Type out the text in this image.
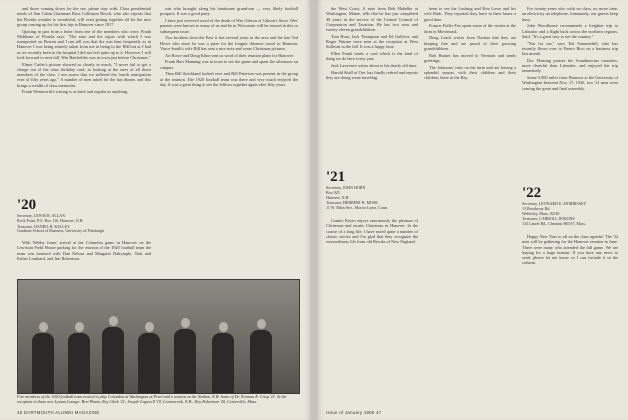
and those coming down for the see, please stay with. Class presidential needs of Sun Cabin Chairman Boss Collinson Bosch, who also reports that the Florida weather is wonderful, will even getting together all for the nice group coming up for his first trip to Hanover since 1917.

Quoting in part from a letter from one of the members who were, Frank Mahlman of Florida says: "The ease and the rigors with which I was transported on Boston and I can tell you that the was bent frequently as in Hanover I was being entirely taken from me in being in the Hill but as I had as we recently been to the hospital I did not feel quite up to it. However I will look forward to next fall. Win Batchelder was in town just before Christmas."

Elmer Cutler's picture showed so clearly in much, "I never fail to get a charge out of the class birthday card, in looking at the rates of all those members of the class. I am aware that we suffered the fourth anticipation over of fifty years ago." A number of men asked for the last dinner, and this brings a wealth of class memories.

Frank Wentworth's writing is as brief and regular as anything.

win who brought along his handsome grand-son — very likely football prospect. It was a good party.

I have just received word of the death of Wes Gibson of Gibson's Store. Wes' parents were known to many of us and he in Wisconsin will be missed in this or subsequent issue.

Two brothers from the East is has several years in the area and the late Ted Howe who since he was a prize for the longest distance travel to Reunion, Vince Smith's wife Bill has sent a nice note and some Christmas pictures.

Art Rowe and Doug Kline sent us word of their reunion plans for Hanover.

Frank Hart Manning was in town to see the game and spent the afternoon on campus.

Then Bill Strickland looked over and Bill Paterson was present in the group at the reunion. The 1920 football team was there and very much enjoyed the day. It was a great thing to see the fellows together again after fifty years.

'20
Secretary, LEWIS R. ALLAN
Rock Point, P.O. Box 116, Hanover, N.H.
Treasurer, DANIEL B. KELLEY
Graduate School of Business, University of Pittsburgh

With Webby Jones' arrival at the Columbia game in Hanover on the Lewiston Field House parking for the reunion of the 1920 football team the team was honored with Dan Nelson and Margaret Dalrymple, Tink and Esther Lombard, and Jim Robertson.

Five members of the 1920 football team invited to play Columbia at Washington at Pearl and a reunion at the Nathan, N.H. home of Dr. Norman R. Crisp '21. At the reception in those new Lyman Lounge: Bert Plantz, Roy Clark '21; Joseph Cogswell '19, Contoocook, N.H.; Roy Robertson '20, Centerville, Mass.
46 DARTMOUTH ALUMNI MAGAZINE

the West Coast, A note from Bob Hakeller at Washington, Maine, tells that he has just completed 40 years in the service of the Central Council of Corporation and Taxation. He has two sons and twenty eleven grandchildren.

Tom Hunt, Jack Thompson and Ed Gulliver, and Roger Warner were seen at the reception at West Sullivan in the fall. It was a happy time.

Ellen Frank sends a card which is the kind of thing we do here every year.

Jack Lawrence writes about to his dearly old time.

Harold Shall of Ore. has finally retired and reports they are doing some traveling.

been to see the Lusburg and Ken Lowe and his wife Ruth. They reported they have in their house a good time.

Francis Fuller Fox spent some of the winter at the farm in Merrimack.

Doug Leach writes from Nashua that they are keeping fine and are proud of their growing grandchildren.

Bob Hunter has moved to Vermont and sends greetings.

The Johnsons' rests on the farm and are having a splendid season, with their children and their children, there in the Bay.

For twenty-years who wish no class, no more time, an electricity an telephone, fortunately, our guests keep busy.

John Woodhouse recommends a freighter trip to Labrador and a flight back across the northern regions. Said, "It's a great way to see the country."

"Not for me," says Ted Sommerhill, who has recently flown over to Puerto Rico on a business trip last month.

Doc Fleming praises the Scandinavian countries, more cheerful than Labrador, and enjoyed the trip immensely.

Some 5,000 miles from Hanover at the University of Washington between Nov. 17, 1920, two '21 men were coming the great and final assembly.

'21
Secretary, JOHN HORN
Box 925
Hanover, N.H.
Treasurer, HERBERT B. MOSK
11 W. Main Ave., Mortor Lyme, Conn.

Connie Keyes enjoys enormously the pleasure of Christmas and awaits Christmas in Hanover. In the course of a long life, I have noted quite a number of classic stories and I'm glad that they recognize the extraordinary life from old Brooks of New England.

'22
Secretary, LEONARD E. MORRISSEY
13 Brookway Rd.
Wellesley, Mass. 02181
Treasurer, CARROLL JENKINS
133 Laurel Rd., Chestnut Hill 67, Mass.

Happy New Year to all on the class agenda! The '22 men will be gathering for the Hanover reunion in June. There were many who attended the fall game. We are hoping for a large turnout. If you have any news to send, please let me know so I can include it in the column.

Issue of January 1965 47
